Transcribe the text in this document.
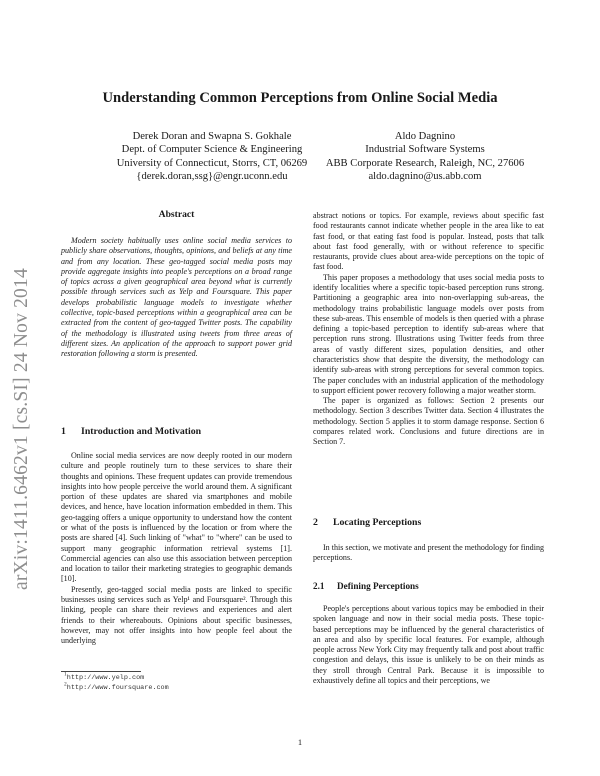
arXiv:1411.6462v1 [cs.SI] 24 Nov 2014
Understanding Common Perceptions from Online Social Media
Derek Doran and Swapna S. Gokhale
Dept. of Computer Science & Engineering
University of Connecticut, Storrs, CT, 06269
{derek.doran,ssg}@engr.uconn.edu
Aldo Dagnino
Industrial Software Systems
ABB Corporate Research, Raleigh, NC, 27606
aldo.dagnino@us.abb.com
Abstract

Modern society habitually uses online social media services to publicly share observations, thoughts, opinions, and beliefs at any time and from any location. These geo-tagged social media posts may provide aggregate insights into people's perceptions on a broad range of topics across a given geographical area beyond what is currently possible through services such as Yelp and Foursquare. This paper develops probabilistic language models to investigate whether collective, topic-based perceptions within a geographical area can be extracted from the content of geo-tagged Twitter posts. The capability of the methodology is illustrated using tweets from three areas of different sizes. An application of the approach to support power grid restoration following a storm is presented.

1 Introduction and Motivation

Online social media services are now deeply rooted in our modern culture and people routinely turn to these services to share their thoughts and opinions. These frequent updates can provide tremendous insights into how people perceive the world around them. A significant portion of these updates are shared via smartphones and mobile devices, and hence, have location information embedded in them. This geo-tagging offers a unique opportunity to understand how the content or what of the posts is influenced by the location or from where the posts are shared [4]. Such linking of "what" to "where" can be used to support many geographic information retrieval systems [1]. Commercial agencies can also use this association between perception and location to tailor their marketing strategies to geographic demands [10].

Presently, geo-tagged social media posts are linked to specific businesses using services such as Yelp¹ and Foursquare². Through this linking, people can share their reviews and experiences and alert friends to their whereabouts. Opinions about specific businesses, however, may not offer insights into how people feel about the underlying

$^1$http://www.yelp.com
$^2$http://www.foursquare.com

abstract notions or topics. For example, reviews about specific fast food restaurants cannot indicate whether people in the area like to eat fast food, or that eating fast food is popular. Instead, posts that talk about fast food generally, with or without reference to specific restaurants, provide clues about area-wide perceptions on the topic of fast food.

This paper proposes a methodology that uses social media posts to identify localities where a specific topic-based perception runs strong. Partitioning a geographic area into non-overlapping sub-areas, the methodology trains probabilistic language models over posts from these sub-areas. This ensemble of models is then queried with a phrase defining a topic-based perception to identify sub-areas where that perception runs strong. Illustrations using Twitter feeds from three areas of vastly different sizes, population densities, and other characteristics show that despite the diversity, the methodology can identify sub-areas with strong perceptions for several common topics. The paper concludes with an industrial application of the methodology to support efficient power recovery following a major weather storm.

The paper is organized as follows: Section 2 presents our methodology. Section 3 describes Twitter data. Section 4 illustrates the methodology. Section 5 applies it to storm damage response. Section 6 compares related work. Conclusions and future directions are in Section 7.

2 Locating Perceptions

In this section, we motivate and present the methodology for finding perceptions.

2.1 Defining Perceptions

People's perceptions about various topics may be embodied in their spoken language and now in their social media posts. These topic-based perceptions may be influenced by the general characteristics of an area and also by specific local features. For example, although people across New York City may frequently talk and post about traffic congestion and delays, this issue is unlikely to be on their minds as they stroll through Central Park. Because it is impossible to exhaustively define all topics and their perceptions, we

1
